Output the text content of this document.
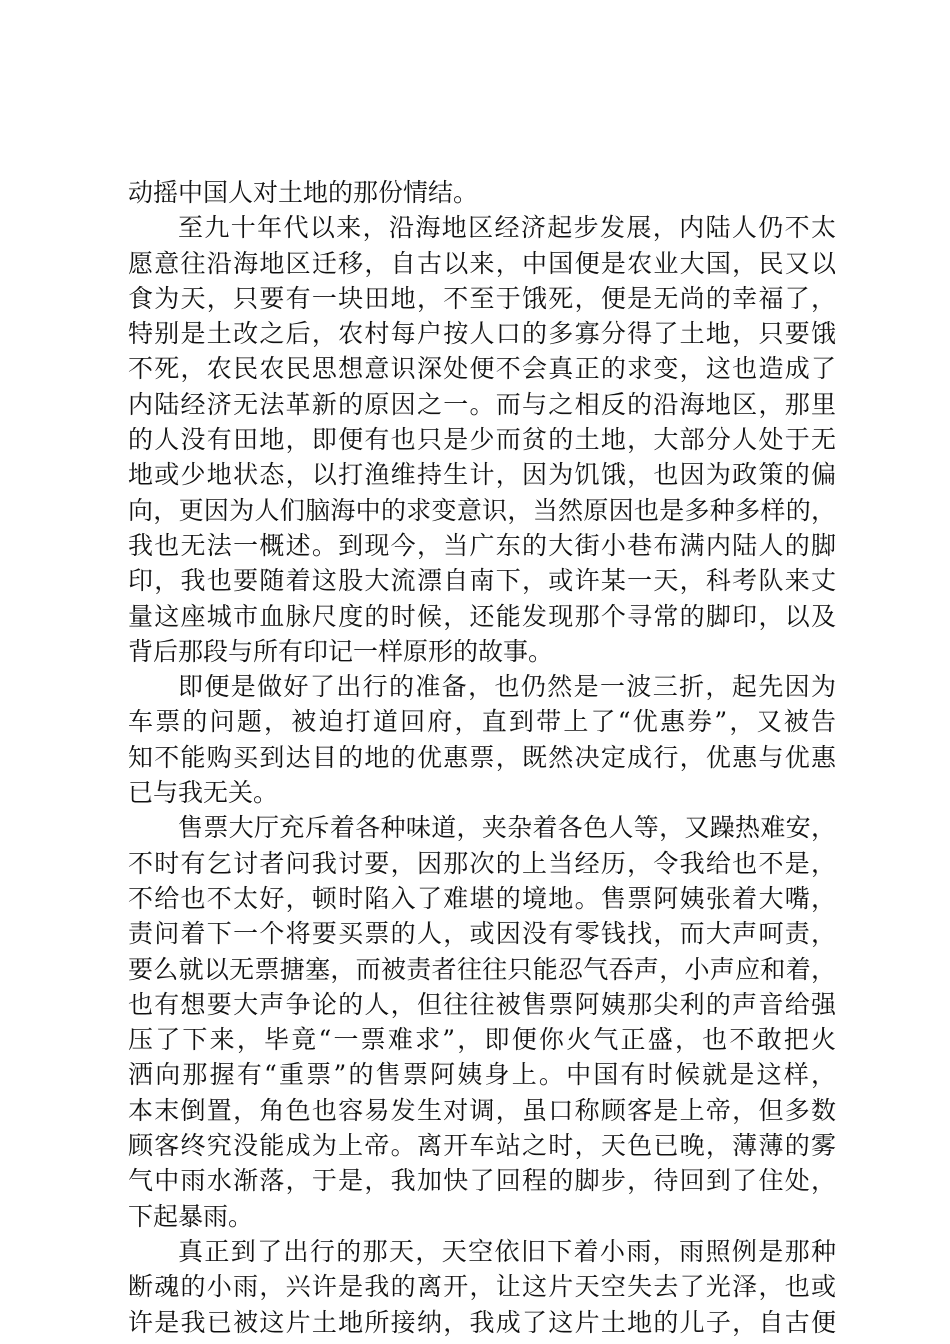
动摇中国人对土地的那份情结。
至九十年代以来，沿海地区经济起步发展，内陆人仍不太
愿意往沿海地区迁移，自古以来，中国便是农业大国，民又以
食为天，只要有一块田地，不至于饿死，便是无尚的幸福了，
特别是土改之后，农村每户按人口的多寡分得了土地，只要饿
不死，农民农民思想意识深处便不会真正的求变，这也造成了
内陆经济无法革新的原因之一。而与之相反的沿海地区，那里
的人没有田地，即便有也只是少而贫的土地，大部分人处于无
地或少地状态，以打渔维持生计，因为饥饿，也因为政策的偏
向，更因为人们脑海中的求变意识，当然原因也是多种多样的，
我也无法一概述。到现今，当广东的大街小巷布满内陆人的脚
印，我也要随着这股大流漂自南下，或许某一天，科考队来丈
量这座城市血脉尺度的时候，还能发现那个寻常的脚印，以及
背后那段与所有印记一样原形的故事。
即便是做好了出行的准备，也仍然是一波三折，起先因为
车票的问题，被迫打道回府，直到带上了“优惠券”，又被告
知不能购买到达目的地的优惠票，既然决定成行，优惠与优惠
已与我无关。
售票大厅充斥着各种味道，夹杂着各色人等，又躁热难安，
不时有乞讨者问我讨要，因那次的上当经历，令我给也不是，
不给也不太好，顿时陷入了难堪的境地。售票阿姨张着大嘴，
责问着下一个将要买票的人，或因没有零钱找，而大声呵责，
要么就以无票搪塞，而被责者往往只能忍气吞声，小声应和着，
也有想要大声争论的人，但往往被售票阿姨那尖利的声音给强
压了下来，毕竟“一票难求”，即便你火气正盛，也不敢把火
洒向那握有“重票”的售票阿姨身上。中国有时候就是这样，
本末倒置，角色也容易发生对调，虽口称顾客是上帝，但多数
顾客终究没能成为上帝。离开车站之时，天色已晚，薄薄的雾
气中雨水渐落，于是，我加快了回程的脚步，待回到了住处，
下起暴雨。
真正到了出行的那天，天空依旧下着小雨，雨照例是那种
断魂的小雨，兴许是我的离开，让这片天空失去了光泽，也或
许是我已被这片土地所接纳，我成了这片土地的儿子，自古便
